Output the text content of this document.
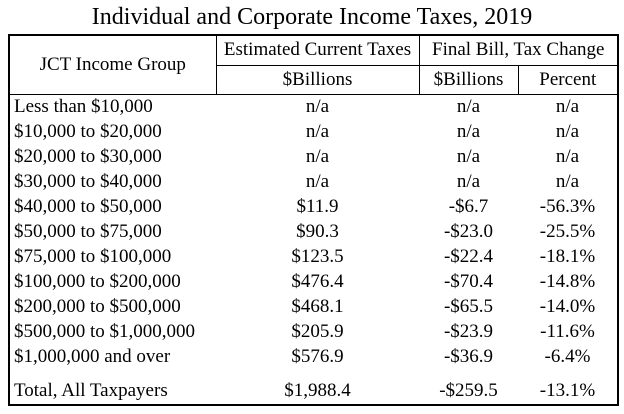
Individual and Corporate Income Taxes, 2019
JCT Income Group	Estimated Current Taxes	Final Bill, Tax Change	
	$Billions	$Billions	Percent
Less than $10,000	n/a	n/a	n/a
$10,000 to $20,000	n/a	n/a	n/a
$20,000 to $30,000	n/a	n/a	n/a
$30,000 to $40,000	n/a	n/a	n/a
$40,000 to $50,000	$11.9	-$6.7	-56.3%
$50,000 to $75,000	$90.3	-$23.0	-25.5%
$75,000 to $100,000	$123.5	-$22.4	-18.1%
$100,000 to $200,000	$476.4	-$70.4	-14.8%
$200,000 to $500,000	$468.1	-$65.5	-14.0%
$500,000 to $1,000,000	$205.9	-$23.9	-11.6%
$1,000,000 and over	$576.9	-$36.9	-6.4%

Total, All Taxpayers	$1,988.4	-$259.5	-13.1%
